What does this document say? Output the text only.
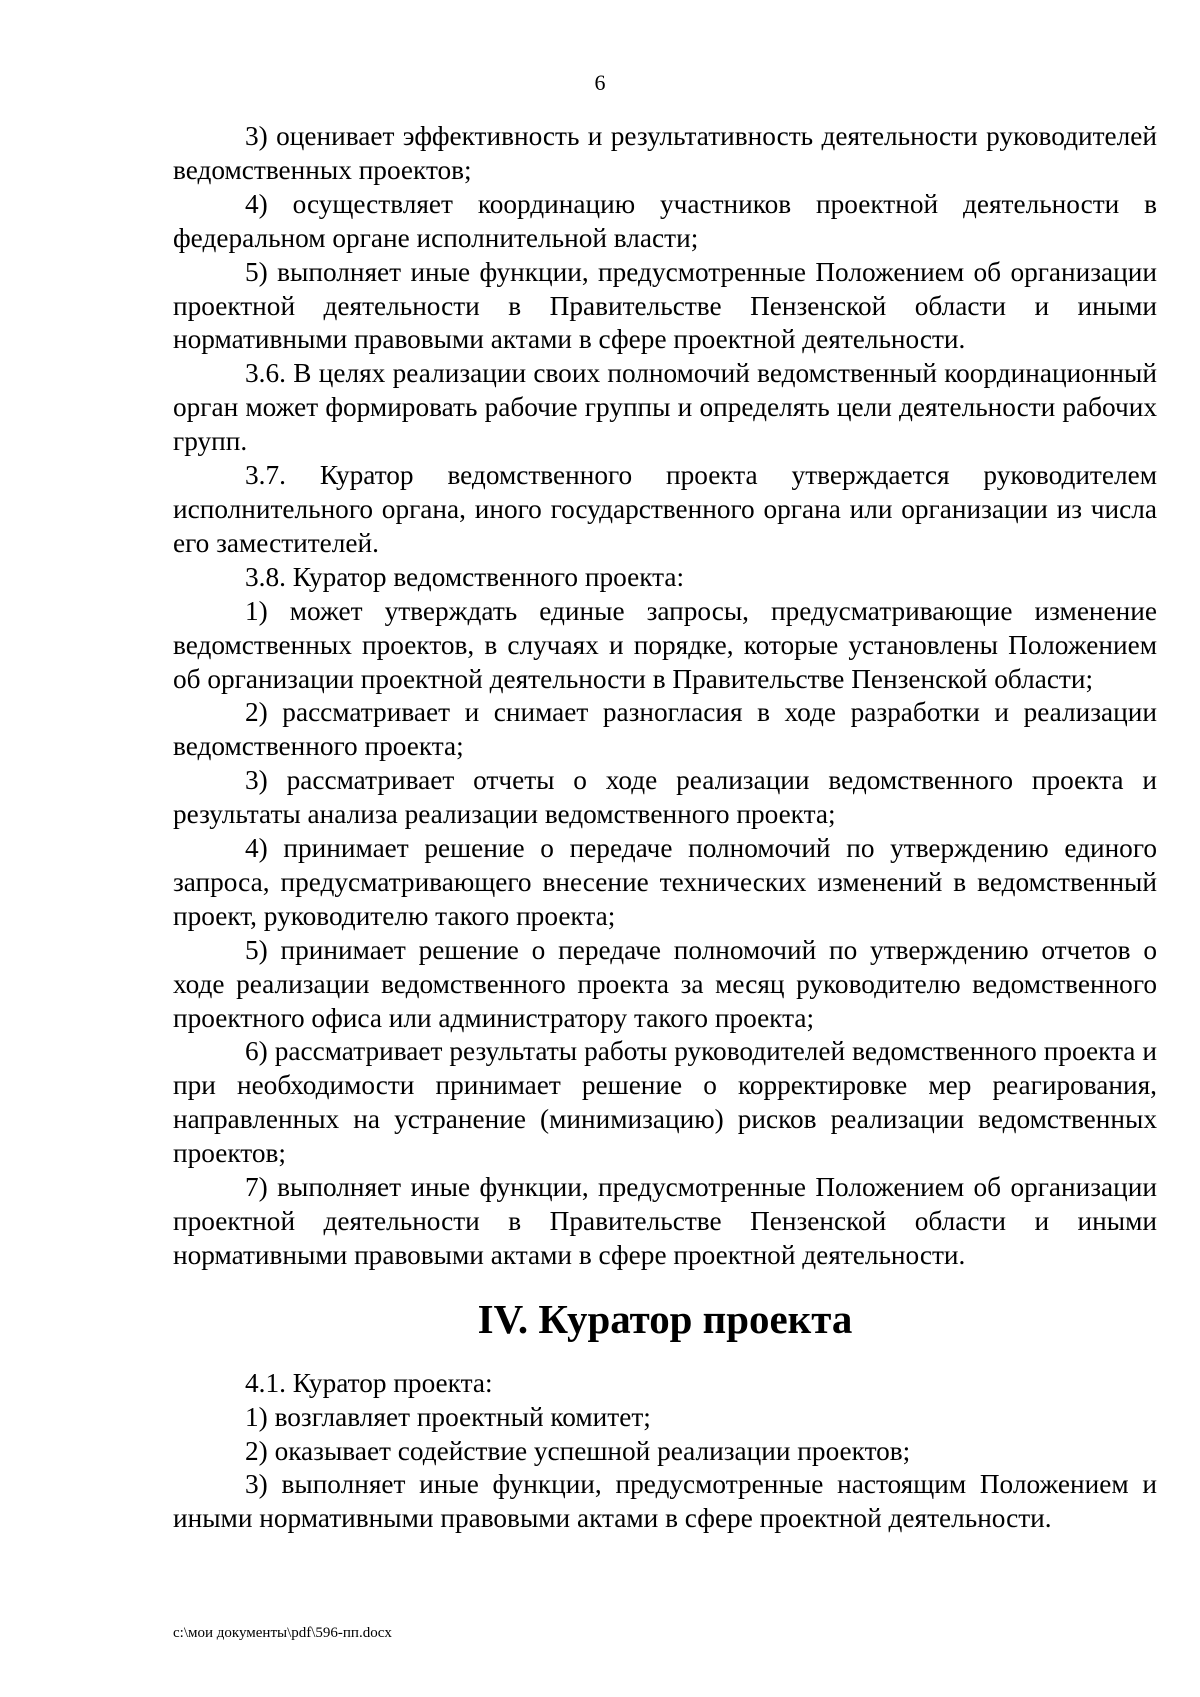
6

3) оценивает эффективность и результативность деятельности руководителей ведомственных проектов;

4) осуществляет координацию участников проектной деятельности в федеральном органе исполнительной власти;

5) выполняет иные функции, предусмотренные Положением об организации проектной деятельности в Правительстве Пензенской области и иными нормативными правовыми актами в сфере проектной деятельности.

3.6. В целях реализации своих полномочий ведомственный координационный орган может формировать рабочие группы и определять цели деятельности рабочих групп.

3.7. Куратор ведомственного проекта утверждается руководителем исполнительного органа, иного государственного органа или организации из числа его заместителей.

3.8. Куратор ведомственного проекта:

1) может утверждать единые запросы, предусматривающие изменение ведомственных проектов, в случаях и порядке, которые установлены Положением об организации проектной деятельности в Правительстве Пензенской области;

2) рассматривает и снимает разногласия в ходе разработки и реализации ведомственного проекта;

3) рассматривает отчеты о ходе реализации ведомственного проекта и результаты анализа реализации ведомственного проекта;

4) принимает решение о передаче полномочий по утверждению единого запроса, предусматривающего внесение технических изменений в ведомственный проект, руководителю такого проекта;

5) принимает решение о передаче полномочий по утверждению отчетов о ходе реализации ведомственного проекта за месяц руководителю ведомственного проектного офиса или администратору такого проекта;

6) рассматривает результаты работы руководителей ведомственного проекта и при необходимости принимает решение о корректировке мер реагирования, направленных на устранение (минимизацию) рисков реализации ведомственных проектов;

7) выполняет иные функции, предусмотренные Положением об организации проектной деятельности в Правительстве Пензенской области и иными нормативными правовыми актами в сфере проектной деятельности.

IV. Куратор проекта

4.1. Куратор проекта:

1) возглавляет проектный комитет;

2) оказывает содействие успешной реализации проектов;

3) выполняет иные функции, предусмотренные настоящим Положением и иными нормативными правовыми актами в сфере проектной деятельности.

c:\мои документы\pdf\596-пп.docx
